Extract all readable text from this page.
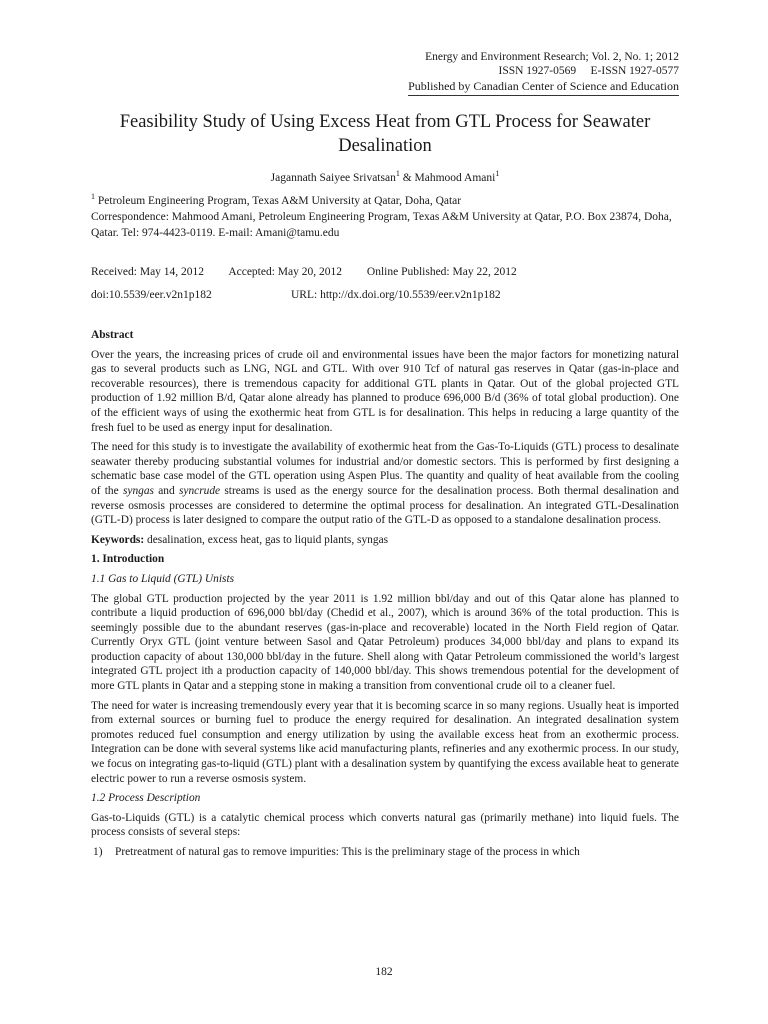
Energy and Environment Research; Vol. 2, No. 1; 2012
ISSN 1927-0569     E-ISSN 1927-0577
Published by Canadian Center of Science and Education
Feasibility Study of Using Excess Heat from GTL Process for Seawater Desalination
Jagannath Saiyee Srivatsan$^1$ & Mahmood Amani$^1$
$^1$ Petroleum Engineering Program, Texas A&M University at Qatar, Doha, Qatar
Correspondence: Mahmood Amani, Petroleum Engineering Program, Texas A&M University at Qatar, P.O. Box 23874, Doha, Qatar. Tel: 974-4423-0119. E-mail: Amani@tamu.edu
Received: May 14, 2012 Accepted: May 20, 2012 Online Published: May 22, 2012
doi:10.5539/eer.v2n1p182	URL: http://dx.doi.org/10.5539/eer.v2n1p182
Abstract

Over the years, the increasing prices of crude oil and environmental issues have been the major factors for monetizing natural gas to several products such as LNG, NGL and GTL. With over 910 Tcf of natural gas reserves in Qatar (gas-in-place and recoverable resources), there is tremendous capacity for additional GTL plants in Qatar. Out of the global projected GTL production of 1.92 million B/d, Qatar alone already has planned to produce 696,000 B/d (36% of total global production). One of the efficient ways of using the exothermic heat from GTL is for desalination. This helps in reducing a large quantity of the fresh fuel to be used as energy input for desalination.

The need for this study is to investigate the availability of exothermic heat from the Gas-To-Liquids (GTL) process to desalinate seawater thereby producing substantial volumes for industrial and/or domestic sectors. This is performed by first designing a schematic base case model of the GTL operation using Aspen Plus. The quantity and quality of heat available from the cooling of the syngas and syncrude streams is used as the energy source for the desalination process. Both thermal desalination and reverse osmosis processes are considered to determine the optimal process for desalination. An integrated GTL-Desalination (GTL-D) process is later designed to compare the output ratio of the GTL-D as opposed to a standalone desalination process.

Keywords: desalination, excess heat, gas to liquid plants, syngas

1. Introduction
1.1 Gas to Liquid (GTL) Unists

The global GTL production projected by the year 2011 is 1.92 million bbl/day and out of this Qatar alone has planned to contribute a liquid production of 696,000 bbl/day (Chedid et al., 2007), which is around 36% of the total production. This is seemingly possible due to the abundant reserves (gas-in-place and recoverable) located in the North Field region of Qatar. Currently Oryx GTL (joint venture between Sasol and Qatar Petroleum) produces 34,000 bbl/day and plans to expand its production capacity of about 130,000 bbl/day in the future. Shell along with Qatar Petroleum commissioned the world’s largest integrated GTL project ith a production capacity of 140,000 bbl/day. This shows tremendous potential for the development of more GTL plants in Qatar and a stepping stone in making a transition from conventional crude oil to a cleaner fuel.

The need for water is increasing tremendously every year that it is becoming scarce in so many regions. Usually heat is imported from external sources or burning fuel to produce the energy required for desalination. An integrated desalination system promotes reduced fuel consumption and energy utilization by using the available excess heat from an exothermic process. Integration can be done with several systems like acid manufacturing plants, refineries and any exothermic process. In our study, we focus on integrating gas-to-liquid (GTL) plant with a desalination system by quantifying the excess available heat to generate electric power to run a reverse osmosis system.

1.2 Process Description

Gas-to-Liquids (GTL) is a catalytic chemical process which converts natural gas (primarily methane) into liquid fuels. The process consists of several steps:

1)	Pretreatment of natural gas to remove impurities: This is the preliminary stage of the process in which
182
